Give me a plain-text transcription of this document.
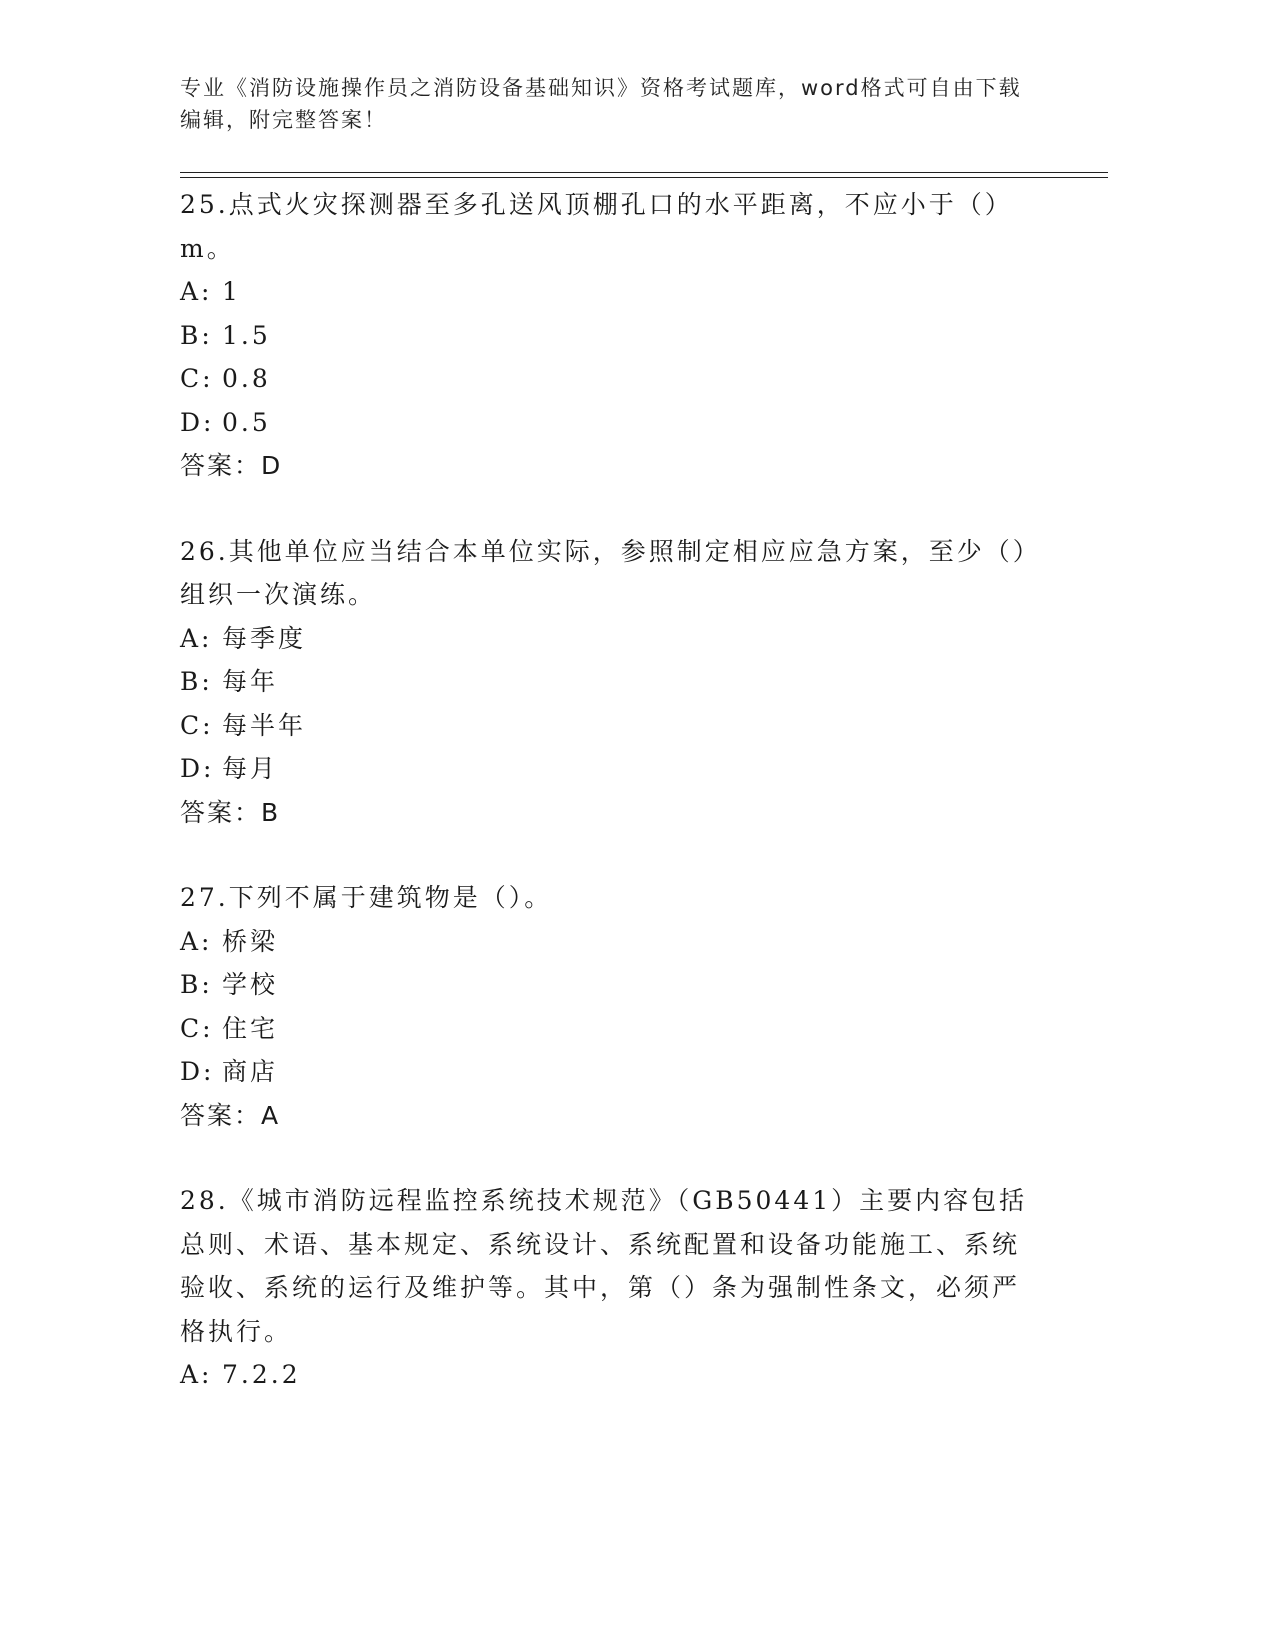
专业《消防设施操作员之消防设备基础知识》资格考试题库，word格式可自由下载编辑，附完整答案！
25.点式火灾探测器至多孔送风顶棚孔口的水平距离，不应小于（）m。
A: 1
B: 1.5
C: 0.8
D: 0.5
答案：D
26.其他单位应当结合本单位实际，参照制定相应应急方案，至少（）组织一次演练。
A: 每季度
B: 每年
C: 每半年
D: 每月
答案：B
27.下列不属于建筑物是（）。
A: 桥梁
B: 学校
C: 住宅
D: 商店
答案：A
28.《城市消防远程监控系统技术规范》（GB50441）主要内容包括总则、术语、基本规定、系统设计、系统配置和设备功能施工、系统验收、系统的运行及维护等。其中，第（）条为强制性条文，必须严格执行。
A: 7.2.2
